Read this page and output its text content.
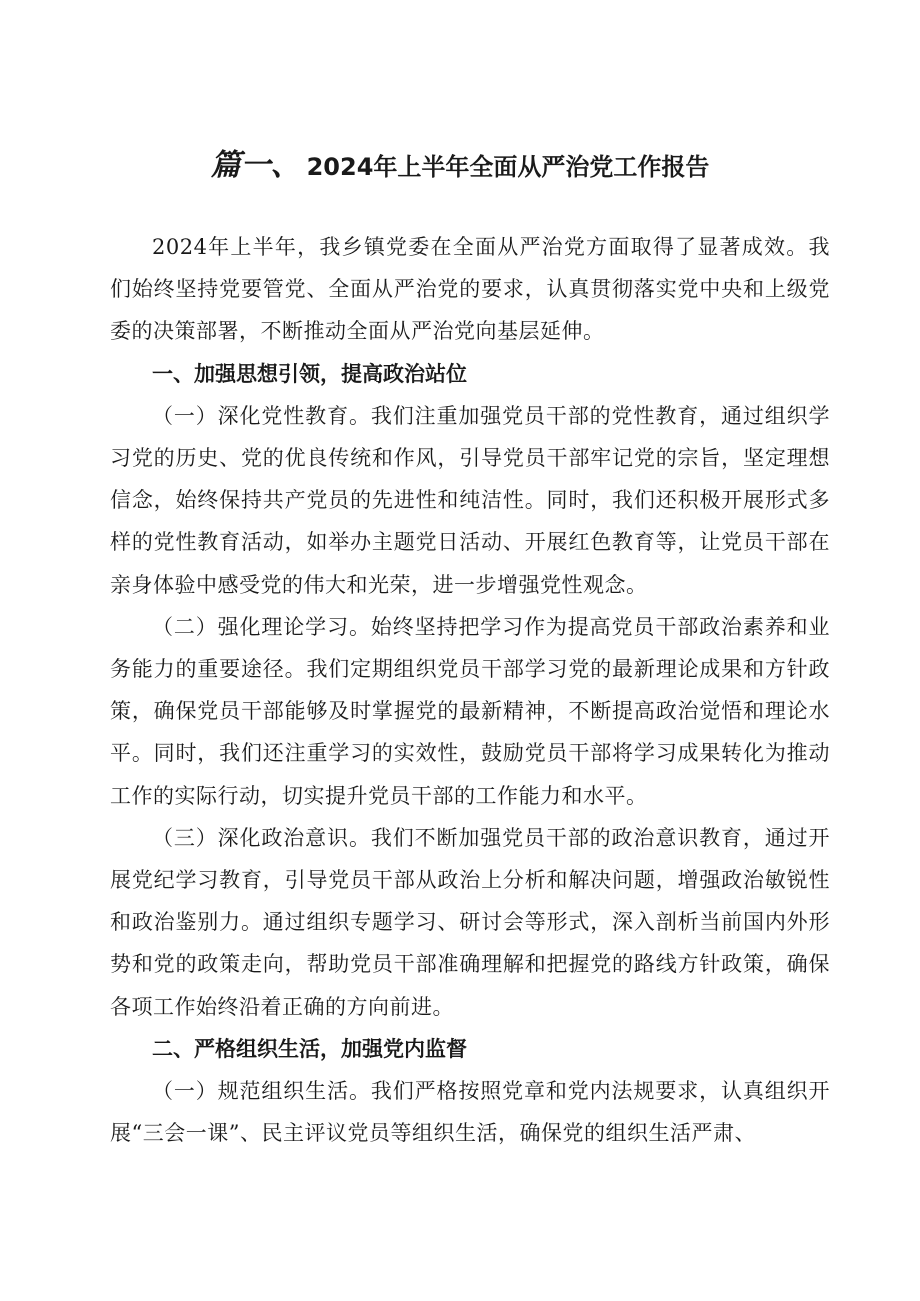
篇一、 2024年上半年全面从严治党工作报告

2024年上半年，我乡镇党委在全面从严治党方面取得了显著成效。我们始终坚持党要管党、全面从严治党的要求，认真贯彻落实党中央和上级党委的决策部署，不断推动全面从严治党向基层延伸。

一、加强思想引领，提高政治站位

（一）深化党性教育。我们注重加强党员干部的党性教育，通过组织学习党的历史、党的优良传统和作风，引导党员干部牢记党的宗旨，坚定理想信念，始终保持共产党员的先进性和纯洁性。同时，我们还积极开展形式多样的党性教育活动，如举办主题党日活动、开展红色教育等，让党员干部在亲身体验中感受党的伟大和光荣，进一步增强党性观念。

（二）强化理论学习。始终坚持把学习作为提高党员干部政治素养和业务能力的重要途径。我们定期组织党员干部学习党的最新理论成果和方针政策，确保党员干部能够及时掌握党的最新精神，不断提高政治觉悟和理论水平。同时，我们还注重学习的实效性，鼓励党员干部将学习成果转化为推动工作的实际行动，切实提升党员干部的工作能力和水平。

（三）深化政治意识。我们不断加强党员干部的政治意识教育，通过开展党纪学习教育，引导党员干部从政治上分析和解决问题，增强政治敏锐性和政治鉴别力。通过组织专题学习、研讨会等形式，深入剖析当前国内外形势和党的政策走向，帮助党员干部准确理解和把握党的路线方针政策，确保各项工作始终沿着正确的方向前进。

二、严格组织生活，加强党内监督

（一）规范组织生活。我们严格按照党章和党内法规要求，认真组织开展“三会一课”、民主评议党员等组织生活，确保党的组织生活严肃、
